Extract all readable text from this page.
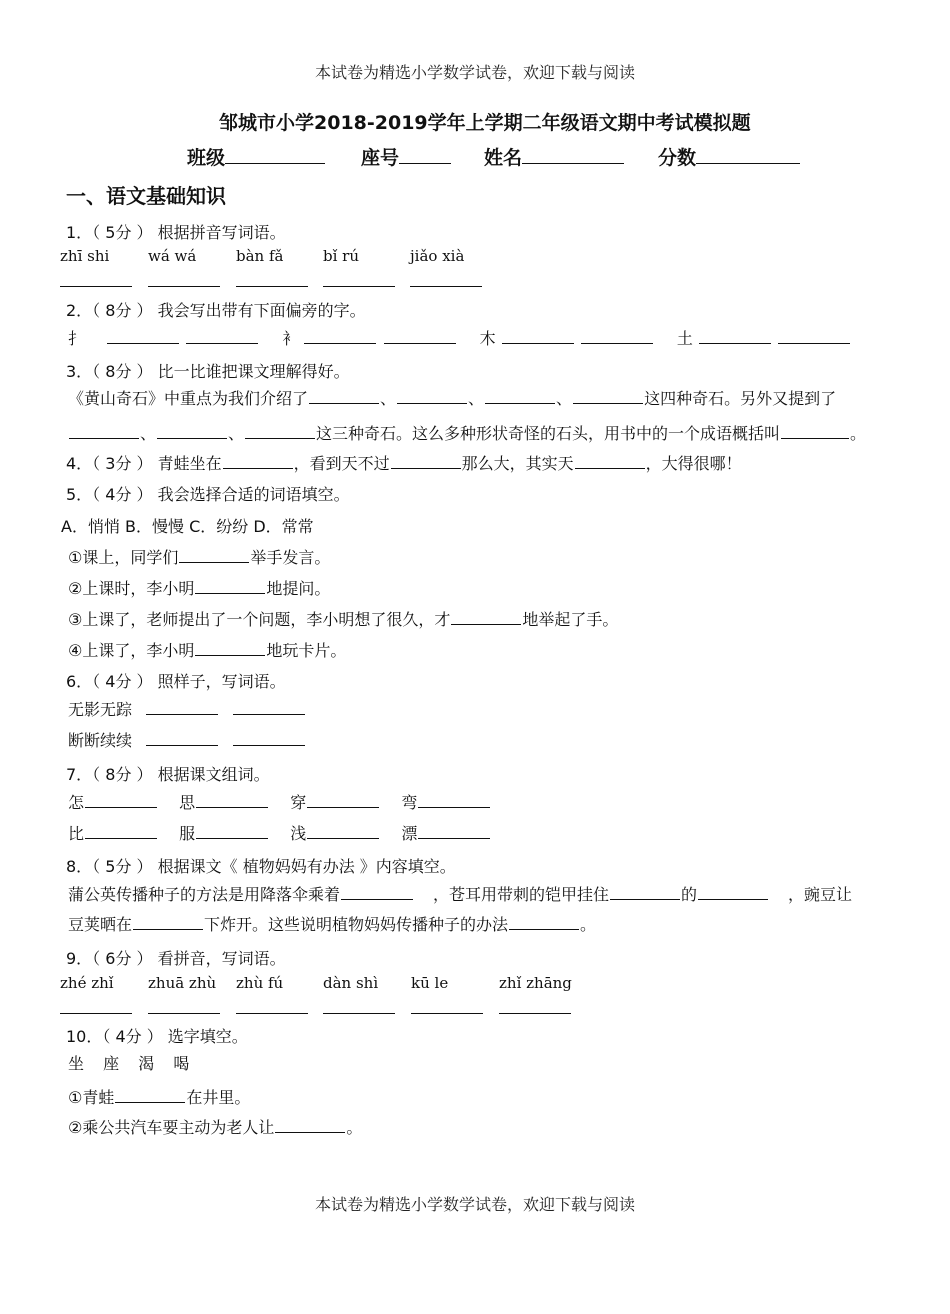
本试卷为精选小学数学试卷，欢迎下载与阅读
邹城市小学2018-2019学年上学期二年级语文期中考试模拟题
班级	座号	姓名	分数
一、语文基础知识
1．（ 5分 ） 根据拼音写词语。
zhī shi	wá wá	bàn fǎ	bǐ rú	jiǎo xià
2．（ 8分 ） 我会写出带有下面偏旁的字。
扌	衤	木	土
3．（ 8分 ） 比一比谁把课文理解得好。
《黄山奇石》中重点为我们介绍了	、	、	、	这四种奇石。另外又提到了
、	、	这三种奇石。这么多种形状奇怪的石头，用书中的一个成语概括叫	。
4．（ 3分 ） 青蛙坐在	，看到天不过	那么大，其实天	，大得很哪！
5．（ 4分 ） 我会选择合适的词语填空。
A．悄悄 B．慢慢 C．纷纷 D．常常
①课上，同学们	举手发言。
②上课时，李小明	地提问。
③上课了，老师提出了一个问题，李小明想了很久，才	地举起了手。
④上课了，李小明	地玩卡片。
6．（ 4分 ） 照样子，写词语。
无影无踪
断断续续
7．（ 8分 ） 根据课文组词。
怎	思	穿	弯
比	服	浅	漂
8．（ 5分 ） 根据课文《 植物妈妈有办法 》内容填空。
蒲公英传播种子的方法是用降落伞乘着	，苍耳用带刺的铠甲挂住	的	，豌豆让
豆荚晒在	下炸开。这些说明植物妈妈传播种子的办法	。
9．（ 6分 ） 看拼音，写词语。
zhé zhǐ zhuā zhù zhù fú	dàn shì kū le	zhǐ zhāng
10．（ 4分 ） 选字填空。
坐 座 渴 喝
①青蛙	在井里。
②乘公共汽车要主动为老人让	。
本试卷为精选小学数学试卷，欢迎下载与阅读
